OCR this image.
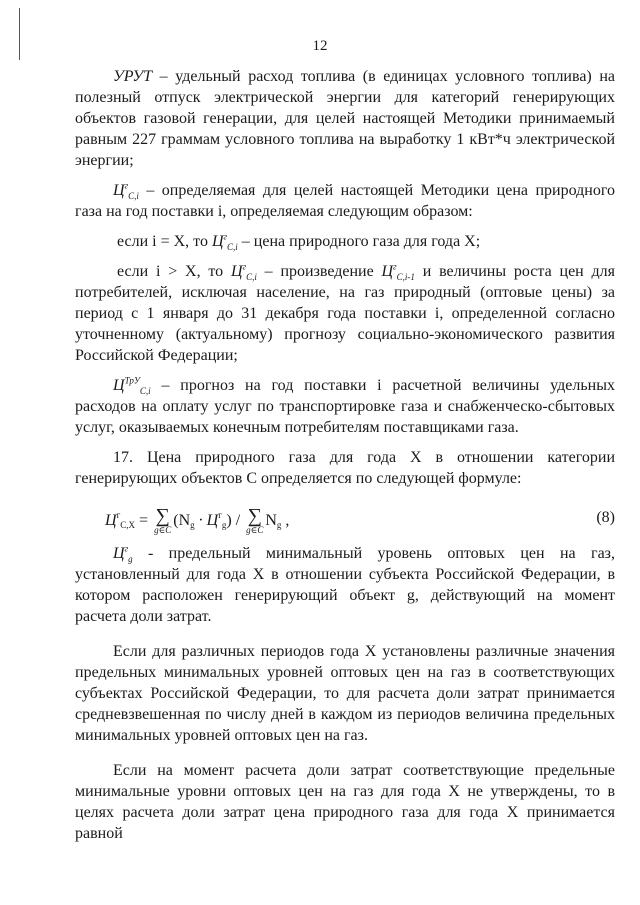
12

УРУТ – удельный расход топлива (в единицах условного топлива) на полезный отпуск электрической энергии для категорий генерирующих объектов газовой генерации, для целей настоящей Методики принимаемый равным 227 граммам условного топлива на выработку 1 кВт*ч электрической энергии;

$Ц^г_{C,i}$ – определяемая для целей настоящей Методики цена природного газа на год поставки i, определяемая следующим образом:

если i = X, то $Ц^г_{C,i}$ – цена природного газа для года X;

если i > X, то $Ц^г_{C,i}$ – произведение $Ц^г_{C,i-1}$ и величины роста цен для потребителей, исключая население, на газ природный (оптовые цены) за период с 1 января до 31 декабря года поставки i, определенной согласно уточненному (актуальному) прогнозу социально-экономического развития Российской Федерации;

$Ц^{ТрУ}_{C,i}$ – прогноз на год поставки i расчетной величины удельных расходов на оплату услуг по транспортировке газа и снабженческо-сбытовых услуг, оказываемых конечным потребителям поставщиками газа.

17. Цена природного газа для года X в отношении категории генерирующих объектов C определяется по следующей формуле:

$Ц^г_{C,X}$ = ∑
g∈C
$(N_g \cdot Ц^г_g)$ / ∑
g∈C
$N_g$ ,	(8)

$Ц^г_g$ - предельный минимальный уровень оптовых цен на газ, установленный для года X в отношении субъекта Российской Федерации, в котором расположен генерирующий объект g, действующий на момент расчета доли затрат.

Если для различных периодов года X установлены различные значения предельных минимальных уровней оптовых цен на газ в соответствующих субъектах Российской Федерации, то для расчета доли затрат принимается средневзвешенная по числу дней в каждом из периодов величина предельных минимальных уровней оптовых цен на газ.

Если на момент расчета доли затрат соответствующие предельные минимальные уровни оптовых цен на газ для года X не утверждены, то в целях расчета доли затрат цена природного газа для года X принимается равной
